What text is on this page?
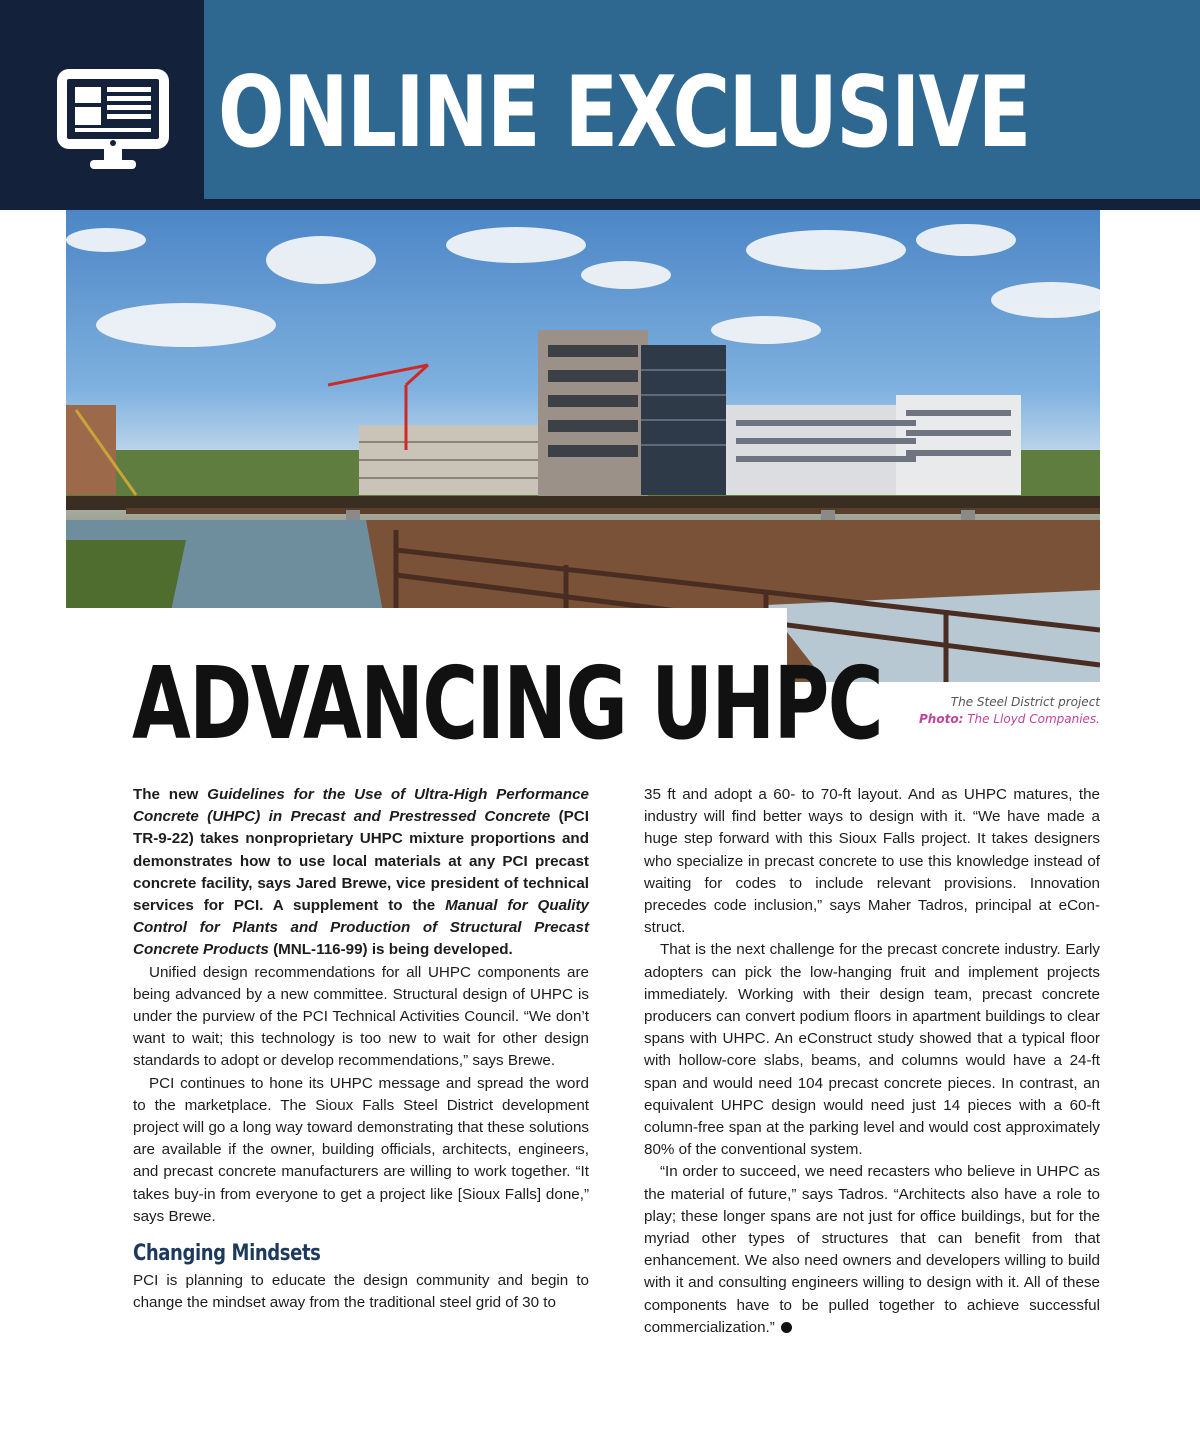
ONLINE EXCLUSIVE
The Steel District project
Photo: The Lloyd Companies.
ADVANCING UHPC

The new Guidelines for the Use of Ultra-High Performance Concrete (UHPC) in Precast and Prestressed Concrete (PCI TR-9-22) takes nonproprietary UHPC mixture proportions and demonstrates how to use local materials at any PCI precast concrete facility, says Jared Brewe, vice president of technical services for PCI. A supplement to the Manual for Quality Control for Plants and Production of Structural Precast Concrete Products (MNL-116-99) is being developed.

Unified design recommendations for all UHPC components are being advanced by a new committee. Structural design of UHPC is under the purview of the PCI Technical Activities Council. “We don’t want to wait; this technology is too new to wait for other design standards to adopt or develop recommendations,” says Brewe.

PCI continues to hone its UHPC message and spread the word to the marketplace. The Sioux Falls Steel District development project will go a long way toward demonstrating that these solutions are available if the owner, building officials, architects, engineers, and precast concrete manufacturers are willing to work together. “It takes buy-in from everyone to get a project like [Sioux Falls] done,” says Brewe.

Changing Mindsets

PCI is planning to educate the design community and begin to change the mindset away from the traditional steel grid of 30 to

35 ft and adopt a 60- to 70-ft layout. And as UHPC matures, the industry will find better ways to design with it. “We have made a huge step forward with this Sioux Falls project. It takes designers who specialize in precast concrete to use this knowledge instead of waiting for codes to include relevant provisions. Innovation precedes code inclusion,” says Maher Tadros, principal at eConstruct.

That is the next challenge for the precast concrete industry. Early adopters can pick the low-hanging fruit and implement projects immediately. Working with their design team, precast concrete producers can convert podium floors in apartment buildings to clear spans with UHPC. An eConstruct study showed that a typical floor with hollow-core slabs, beams, and columns would have a 24-ft span and would need 104 precast concrete pieces. In contrast, an equivalent UHPC design would need just 14 pieces with a 60-ft column-free span at the parking level and would cost approximately 80% of the conventional system.

“In order to succeed, we need recasters who believe in UHPC as the material of future,” says Tadros. “Architects also have a role to play; these longer spans are not just for office buildings, but for the myriad other types of structures that can benefit from that enhancement. We also need owners and developers willing to build with it and consulting engineers willing to design with it. All of these components have to be pulled together to achieve successful commercialization.”
